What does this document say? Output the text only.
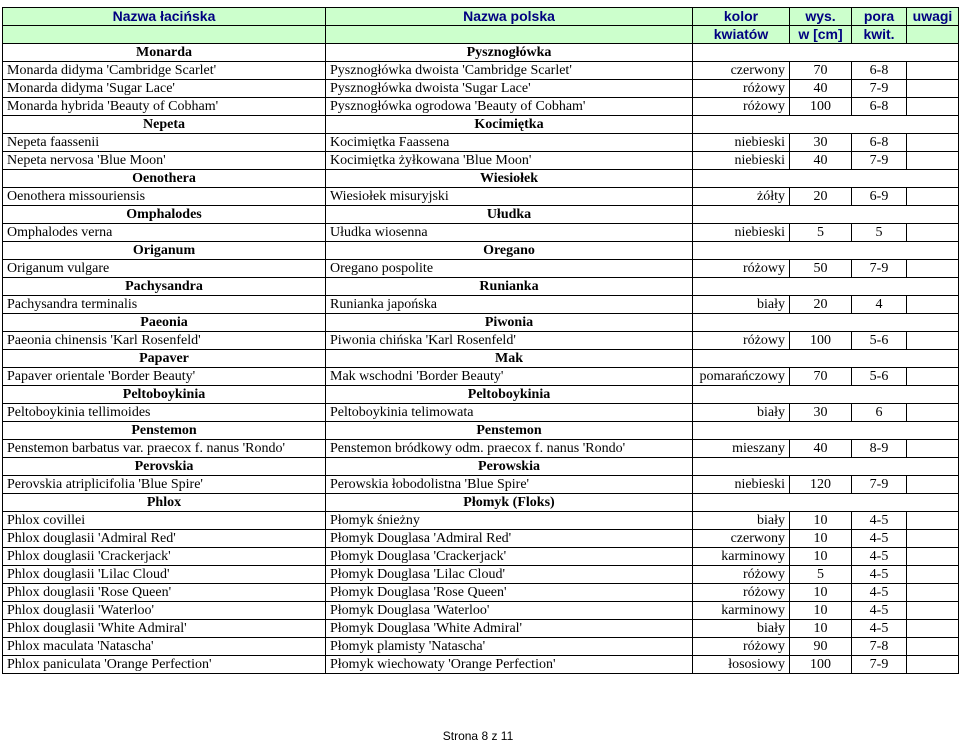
Nazwa łacińska	Nazwa polska	kolor	wys.	pora	uwagi
		kwiatów	w [cm]	kwit.	
Monarda	Pysznogłówka				
Monarda didyma 'Cambridge Scarlet'	Pysznogłówka dwoista 'Cambridge Scarlet'	czerwony	70	6-8	
Monarda didyma 'Sugar Lace'	Pysznogłówka dwoista 'Sugar Lace'	różowy	40	7-9	
Monarda hybrida 'Beauty of Cobham'	Pysznogłówka ogrodowa 'Beauty of Cobham'	różowy	100	6-8	
Nepeta	Kocimiętka				
Nepeta faassenii	Kocimiętka Faassena	niebieski	30	6-8	
Nepeta nervosa 'Blue Moon'	Kocimiętka żyłkowana 'Blue Moon'	niebieski	40	7-9	
Oenothera	Wiesiołek				
Oenothera missouriensis	Wiesiołek misuryjski	żółty	20	6-9	
Omphalodes	Ułudka				
Omphalodes verna	Ułudka wiosenna	niebieski	5	5	
Origanum	Oregano				
Origanum vulgare	Oregano pospolite	różowy	50	7-9	
Pachysandra	Runianka				
Pachysandra terminalis	Runianka japońska	biały	20	4	
Paeonia	Piwonia				
Paeonia chinensis 'Karl Rosenfeld'	Piwonia chińska 'Karl Rosenfeld'	różowy	100	5-6	
Papaver	Mak				
Papaver orientale 'Border Beauty'	Mak wschodni 'Border Beauty'	pomarańczowy	70	5-6	
Peltoboykinia	Peltoboykinia				
Peltoboykinia tellimoides	Peltoboykinia telimowata	biały	30	6	
Penstemon	Penstemon				
Penstemon barbatus var. praecox f. nanus 'Rondo'	Penstemon bródkowy odm. praecox f. nanus 'Rondo'	mieszany	40	8-9	
Perovskia	Perowskia				
Perovskia atriplicifolia 'Blue Spire'	Perowskia łobodolistna 'Blue Spire'	niebieski	120	7-9	
Phlox	Płomyk (Floks)				
Phlox covillei	Płomyk śnieżny	biały	10	4-5	
Phlox douglasii 'Admiral Red'	Płomyk Douglasa 'Admiral Red'	czerwony	10	4-5	
Phlox douglasii 'Crackerjack'	Płomyk Douglasa 'Crackerjack'	karminowy	10	4-5	
Phlox douglasii 'Lilac Cloud'	Płomyk Douglasa 'Lilac Cloud'	różowy	5	4-5	
Phlox douglasii 'Rose Queen'	Płomyk Douglasa 'Rose Queen'	różowy	10	4-5	
Phlox douglasii 'Waterloo'	Płomyk Douglasa 'Waterloo'	karminowy	10	4-5	
Phlox douglasii 'White Admiral'	Płomyk Douglasa 'White Admiral'	biały	10	4-5	
Phlox maculata 'Natascha'	Płomyk plamisty 'Natascha'	różowy	90	7-8	
Phlox paniculata 'Orange Perfection'	Płomyk wiechowaty 'Orange Perfection'	łososiowy	100	7-9	
Strona 8 z 11
